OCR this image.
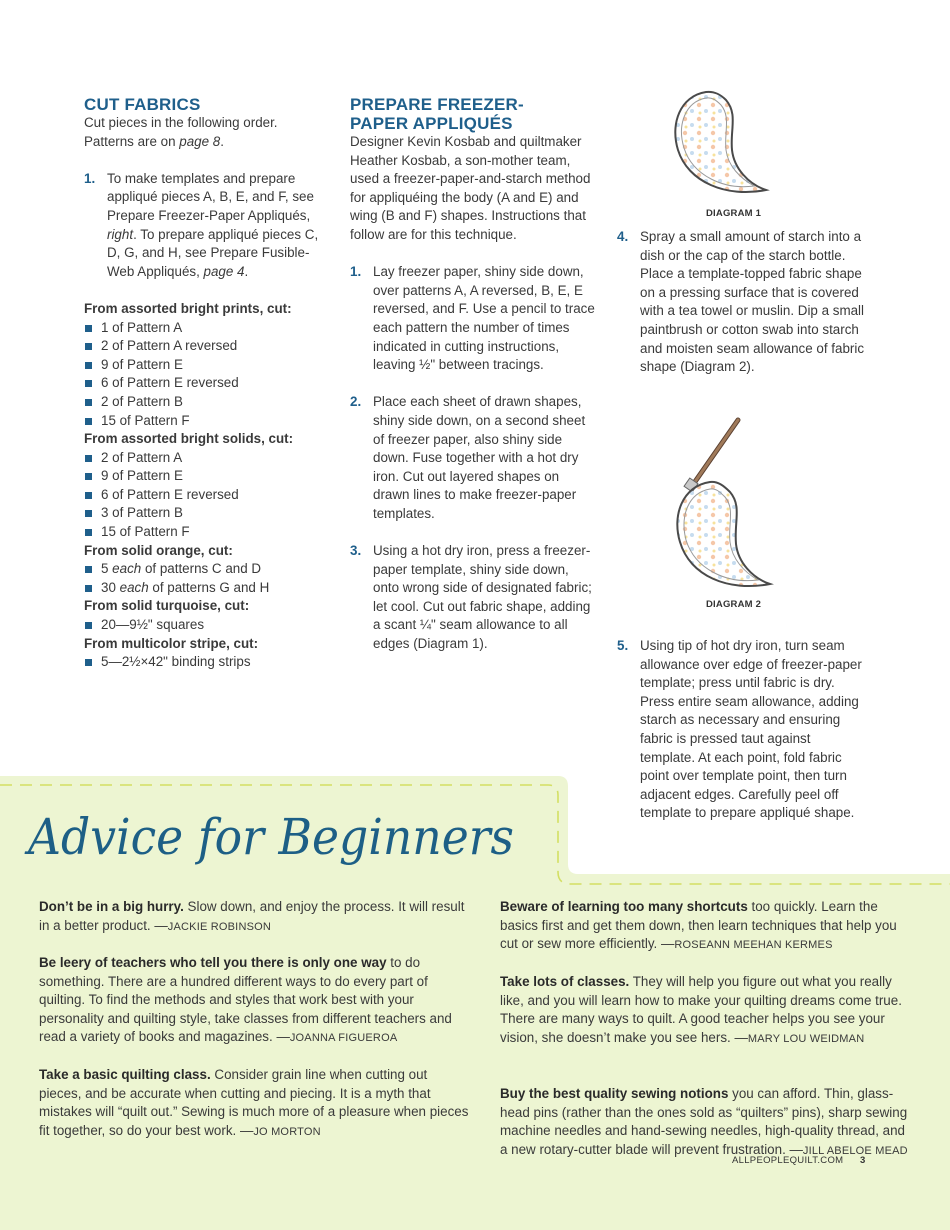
CUT FABRICS

Cut pieces in the following order.
Patterns are on page 8.

1. To make templates and prepare appliqué pieces A, B, E, and F, see Prepare Freezer-Paper Appliqués, right. To prepare appliqué pieces C, D, G, and H, see Prepare Fusible-Web Appliqués, page 4.
From assorted bright prints, cut:
1 of Pattern A
2 of Pattern A reversed
9 of Pattern E
6 of Pattern E reversed
2 of Pattern B
15 of Pattern F
From assorted bright solids, cut:
2 of Pattern A
9 of Pattern E
6 of Pattern E reversed
3 of Pattern B
15 of Pattern F
From solid orange, cut:
5 each of patterns C and D
30 each of patterns G and H
From solid turquoise, cut:
20—9½" squares
From multicolor stripe, cut:
5—2½×42" binding strips
PREPARE FREEZER-
PAPER APPLIQUÉS

Designer Kevin Kosbab and quiltmaker Heather Kosbab, a son-mother team, used a freezer-paper-and-starch method for appliquéing the body (A and E) and wing (B and F) shapes. Instructions that follow are for this technique.

1. Lay freezer paper, shiny side down, over patterns A, A reversed, B, E, E reversed, and F. Use a pencil to trace each pattern the number of times indicated in cutting instructions, leaving ½" between tracings.
2. Place each sheet of drawn shapes, shiny side down, on a second sheet of freezer paper, also shiny side down. Fuse together with a hot dry iron. Cut out layered shapes on drawn lines to make freezer-paper templates.
3. Using a hot dry iron, press a freezer-paper template, shiny side down, onto wrong side of designated fabric; let cool. Cut out fabric shape, adding a scant ¼" seam allowance to all edges (Diagram 1).
DIAGRAM 1
4. Spray a small amount of starch into a dish or the cap of the starch bottle. Place a template-topped fabric shape on a pressing surface that is covered with a tea towel or muslin. Dip a small paintbrush or cotton swab into starch and moisten seam allowance of fabric shape (Diagram 2).
DIAGRAM 2
5. Using tip of hot dry iron, turn seam allowance over edge of freezer-paper template; press until fabric is dry. Press entire seam allowance, adding starch as necessary and ensuring fabric is pressed taut against template. At each point, fold fabric point over template point, then turn adjacent edges. Carefully peel off template to prepare appliqué shape.
Advice for Beginners
Don’t be in a big hurry. Slow down, and enjoy the process. It will result in a better product. —JACKIE ROBINSON
Be leery of teachers who tell you there is only one way to do something. There are a hundred different ways to do every part of quilting. To find the methods and styles that work best with your personality and quilting style, take classes from different teachers and read a variety of books and magazines. —JOANNA FIGUEROA
Take a basic quilting class. Consider grain line when cutting out pieces, and be accurate when cutting and piecing. It is a myth that mistakes will “quilt out.” Sewing is much more of a pleasure when pieces fit together, so do your best work. —JO MORTON
Beware of learning too many shortcuts too quickly. Learn the basics first and get them down, then learn techniques that help you cut or sew more efficiently. —ROSEANN MEEHAN KERMES
Take lots of classes. They will help you figure out what you really like, and you will learn how to make your quilting dreams come true. There are many ways to quilt. A good teacher helps you see your vision, she doesn’t make you see hers. —MARY LOU WEIDMAN
Buy the best quality sewing notions you can afford. Thin, glass-head pins (rather than the ones sold as “quilters” pins), sharp sewing machine needles and hand-sewing needles, high-quality thread, and a new rotary-cutter blade will prevent frustration. —JILL ABELOE MEAD
ALLPEOPLEQUILT.COM 3
